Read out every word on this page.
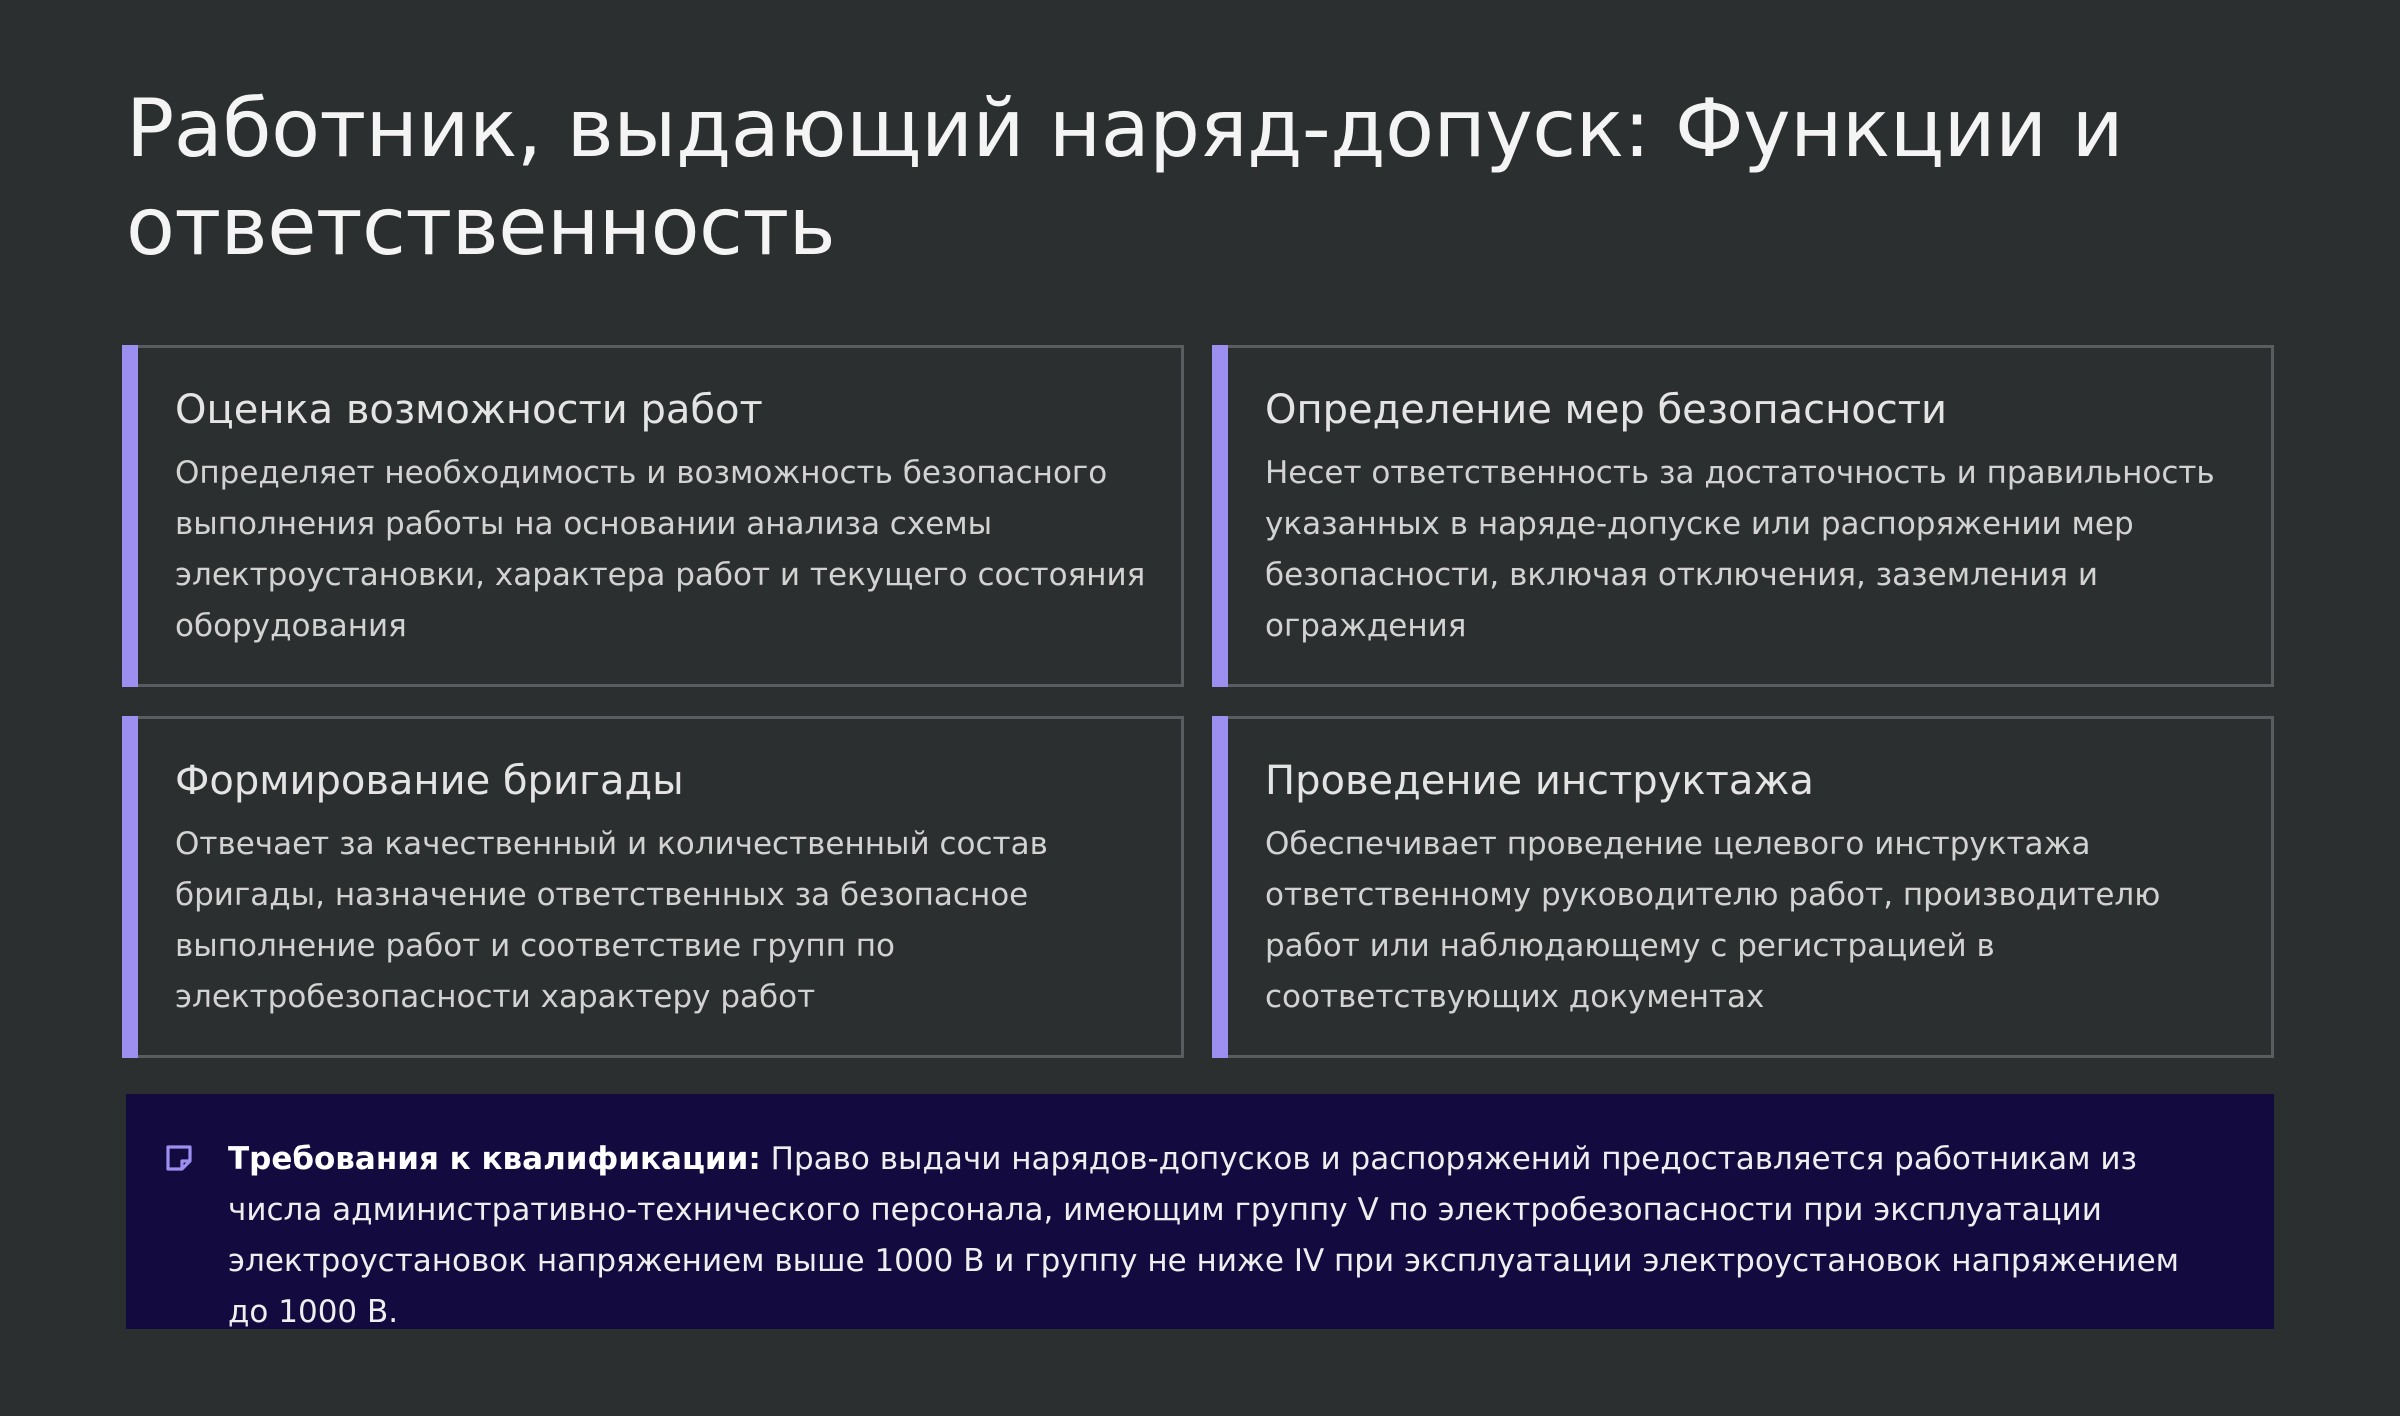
Работник, выдающий наряд-допуск: Функции и ответственность
Оценка возможности работ

Определяет необходимость и возможность безопасного выполнения работы на основании анализа схемы электроустановки, характера работ и текущего состояния оборудования

Определение мер безопасности

Несет ответственность за достаточность и правильность указанных в наряде-допуске или распоряжении мер безопасности, включая отключения, заземления и ограждения

Формирование бригады

Отвечает за качественный и количественный состав бригады, назначение ответственных за безопасное выполнение работ и соответствие групп по электробезопасности характеру работ

Проведение инструктажа

Обеспечивает проведение целевого инструктажа ответственному руководителю работ, производителю работ или наблюдающему с регистрацией в соответствующих документах

Требования к квалификации: Право выдачи нарядов-допусков и распоряжений предоставляется работникам из числа административно-технического персонала, имеющим группу V по электробезопасности при эксплуатации электроустановок напряжением выше 1000 В и группу не ниже IV при эксплуатации электроустановок напряжением до 1000 В.
